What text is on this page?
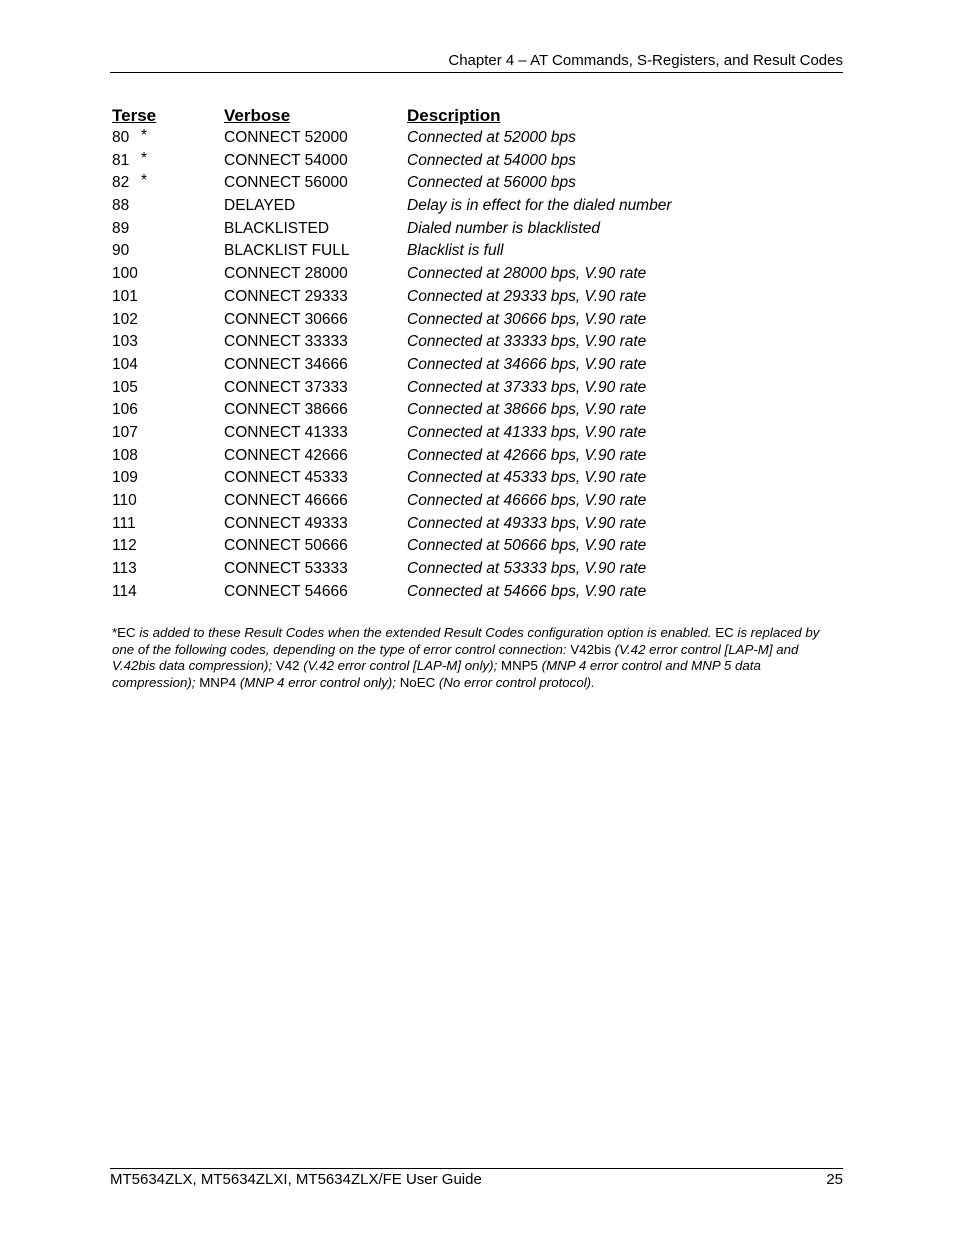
Chapter 4 – AT Commands, S-Registers, and Result Codes
Terse	Verbose	Description
80 *	CONNECT 52000	Connected at 52000 bps
81 *	CONNECT 54000	Connected at 54000 bps
82 *	CONNECT 56000	Connected at 56000 bps
88	DELAYED	Delay is in effect for the dialed number
89	BLACKLISTED	Dialed number is blacklisted
90	BLACKLIST FULL	Blacklist is full
100	CONNECT 28000	Connected at 28000 bps, V.90 rate
101	CONNECT 29333	Connected at 29333 bps, V.90 rate
102	CONNECT 30666	Connected at 30666 bps, V.90 rate
103	CONNECT 33333	Connected at 33333 bps, V.90 rate
104	CONNECT 34666	Connected at 34666 bps, V.90 rate
105	CONNECT 37333	Connected at 37333 bps, V.90 rate
106	CONNECT 38666	Connected at 38666 bps, V.90 rate
107	CONNECT 41333	Connected at 41333 bps, V.90 rate
108	CONNECT 42666	Connected at 42666 bps, V.90 rate
109	CONNECT 45333	Connected at 45333 bps, V.90 rate
110	CONNECT 46666	Connected at 46666 bps, V.90 rate
111	CONNECT 49333	Connected at 49333 bps, V.90 rate
112	CONNECT 50666	Connected at 50666 bps, V.90 rate
113	CONNECT 53333	Connected at 53333 bps, V.90 rate
114	CONNECT 54666	Connected at 54666 bps, V.90 rate
*EC is added to these Result Codes when the extended Result Codes configuration option is enabled. EC is replaced by one of the following codes, depending on the type of error control connection: V42bis (V.42 error control [LAP-M] and V.42bis data compression); V42 (V.42 error control [LAP-M] only); MNP5 (MNP 4 error control and MNP 5 data compression); MNP4 (MNP 4 error control only); NoEC (No error control protocol).
MT5634ZLX, MT5634ZLXI, MT5634ZLX/FE User Guide	25
